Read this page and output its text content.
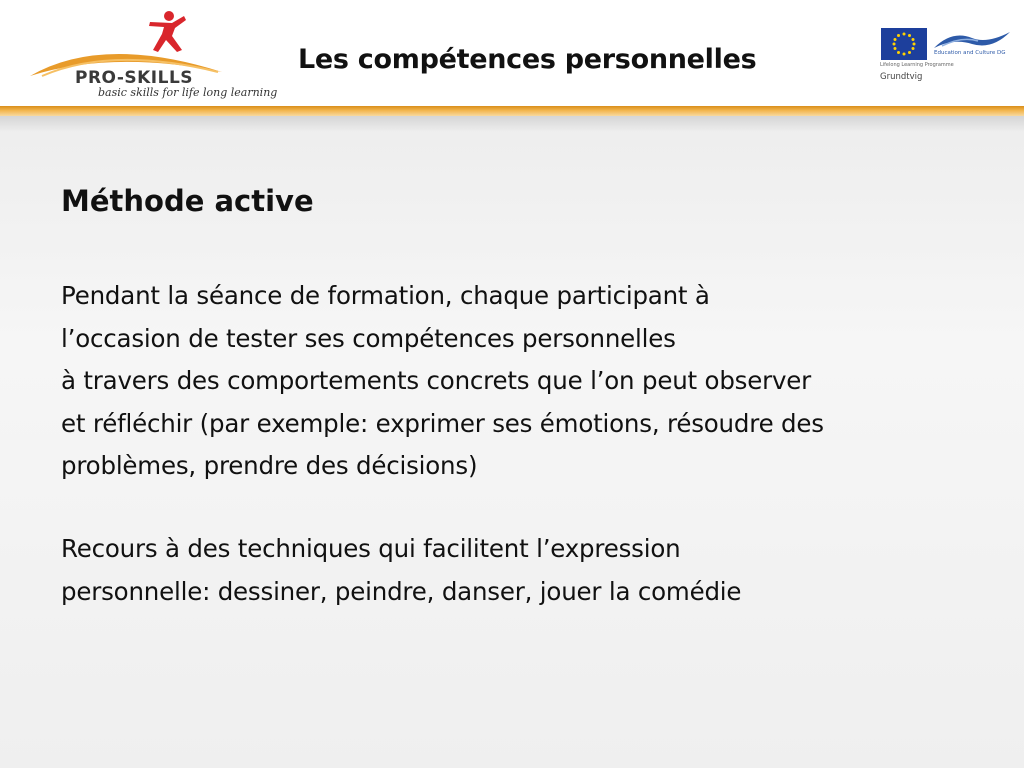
PRO-SKILLS
basic skills for life long learning
Les compétences personnelles	Education and Culture DG
Lifelong Learning Programme
Grundtvig
Méthode active
Pendant la séance de formation, chaque participant à
l’occasion de tester ses compétences personnelles
à travers des comportements concrets que l’on peut observer
et réfléchir (par exemple: exprimer ses émotions, résoudre des
problèmes, prendre des décisions)
Recours à des techniques qui facilitent l’expression
personnelle: dessiner, peindre, danser, jouer la comédie
